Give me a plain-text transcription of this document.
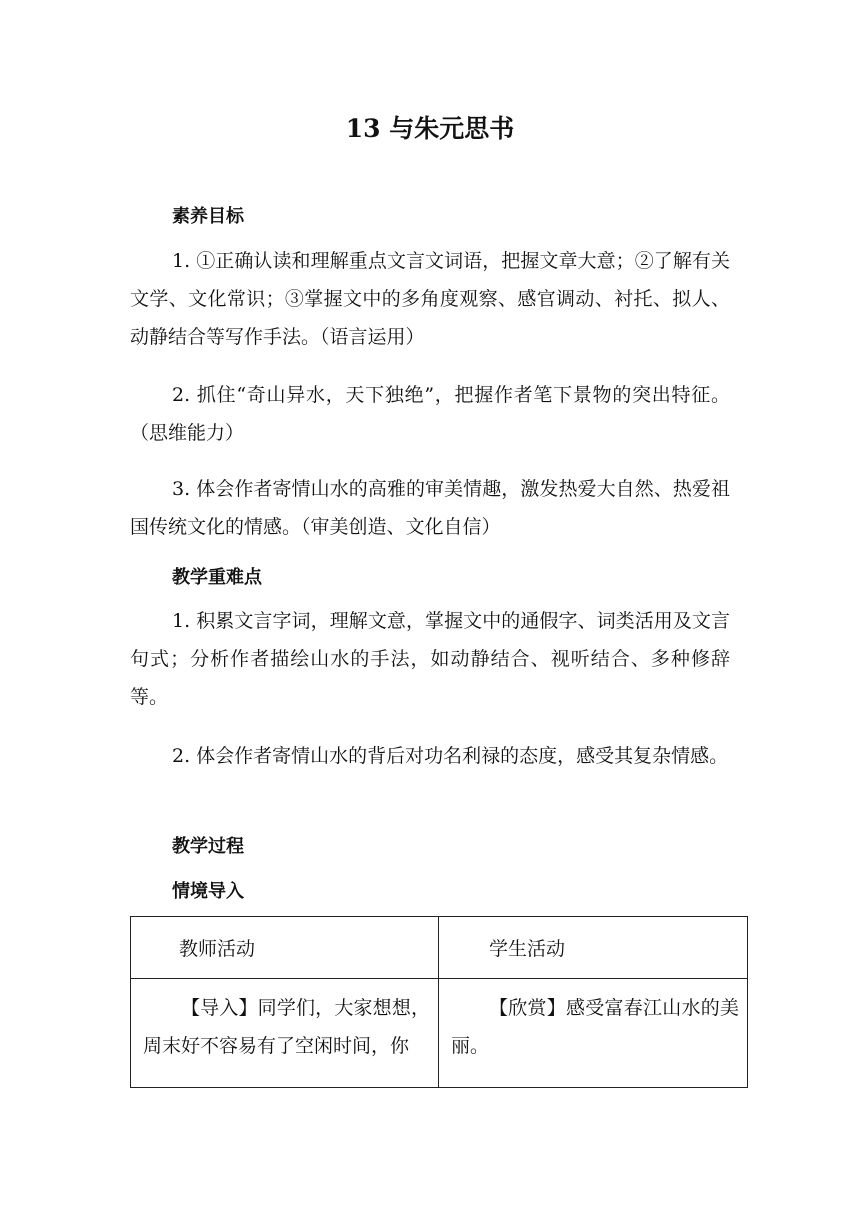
13 与朱元思书
素养目标

1. ①正确认读和理解重点文言文词语，把握文章大意；②了解有关文学、文化常识；③掌握文中的多角度观察、感官调动、衬托、拟人、动静结合等写作手法。（语言运用）

2. 抓住“奇山异水，天下独绝”，把握作者笔下景物的突出特征。（思维能力）

3. 体会作者寄情山水的高雅的审美情趣，激发热爱大自然、热爱祖国传统文化的情感。（审美创造、文化自信）

教学重难点

1. 积累文言字词，理解文意，掌握文中的通假字、词类活用及文言句式；分析作者描绘山水的手法，如动静结合、视听结合、多种修辞等。

2. 体会作者寄情山水的背后对功名利禄的态度，感受其复杂情感。

教学过程
情境导入
教师活动	学生活动

【导入】同学们，大家想想，周末好不容易有了空闲时间，你	【欣赏】感受富春江山水的美丽。
